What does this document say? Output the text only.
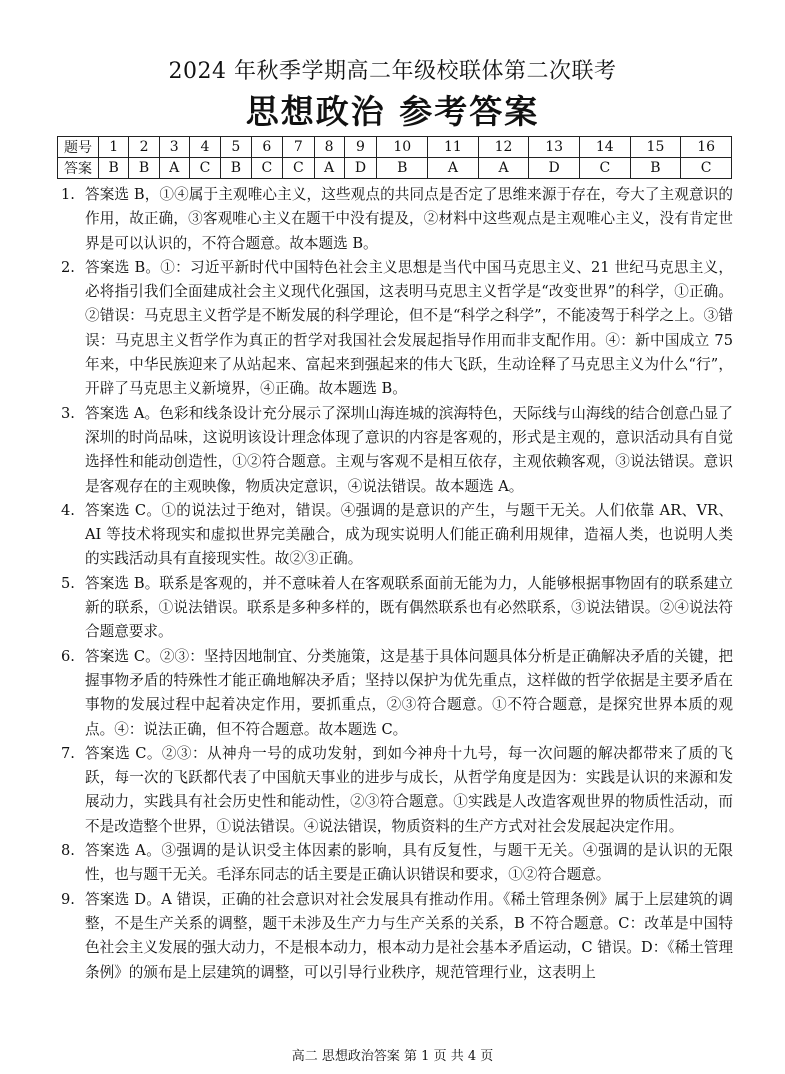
2024 年秋季学期高二年级校联体第二次联考
思想政治 参考答案
题号	1	2	3	4	5	6	7	8	9	10	11	12	13	14	15	16
答案	B	B	A	C	B	C	C	A	D	B	A	A	D	C	B	C
1. 答案选 B，①④属于主观唯心主义，这些观点的共同点是否定了思维来源于存在，夸大了主观意识的作用，故正确，③客观唯心主义在题干中没有提及，②材料中这些观点是主观唯心主义，没有肯定世界是可以认识的，不符合题意。故本题选 B。
2. 答案选 B。①：习近平新时代中国特色社会主义思想是当代中国马克思主义、21 世纪马克思主义，必将指引我们全面建成社会主义现代化强国，这表明马克思主义哲学是“改变世界”的科学，①正确。②错误：马克思主义哲学是不断发展的科学理论，但不是“科学之科学”，不能凌驾于科学之上。③错误：马克思主义哲学作为真正的哲学对我国社会发展起指导作用而非支配作用。④：新中国成立 75 年来，中华民族迎来了从站起来、富起来到强起来的伟大飞跃，生动诠释了马克思主义为什么“行”，开辟了马克思主义新境界，④正确。故本题选 B。
3. 答案选 A。色彩和线条设计充分展示了深圳山海连城的滨海特色，天际线与山海线的结合创意凸显了深圳的时尚品味，这说明该设计理念体现了意识的内容是客观的，形式是主观的，意识活动具有自觉选择性和能动创造性，①②符合题意。主观与客观不是相互依存，主观依赖客观，③说法错误。意识是客观存在的主观映像，物质决定意识，④说法错误。故本题选 A。
4. 答案选 C。①的说法过于绝对，错误。④强调的是意识的产生，与题干无关。人们依靠 AR、VR、AI 等技术将现实和虚拟世界完美融合，成为现实说明人们能正确利用规律，造福人类，也说明人类的实践活动具有直接现实性。故②③正确。
5. 答案选 B。联系是客观的，并不意味着人在客观联系面前无能为力，人能够根据事物固有的联系建立新的联系，①说法错误。联系是多种多样的，既有偶然联系也有必然联系，③说法错误。②④说法符合题意要求。
6. 答案选 C。②③：坚持因地制宜、分类施策，这是基于具体问题具体分析是正确解决矛盾的关键，把握事物矛盾的特殊性才能正确地解决矛盾；坚持以保护为优先重点，这样做的哲学依据是主要矛盾在事物的发展过程中起着决定作用，要抓重点，②③符合题意。①不符合题意，是探究世界本质的观点。④：说法正确，但不符合题意。故本题选 C。
7. 答案选 C。②③：从神舟一号的成功发射，到如今神舟十九号，每一次问题的解决都带来了质的飞跃，每一次的飞跃都代表了中国航天事业的进步与成长，从哲学角度是因为：实践是认识的来源和发展动力，实践具有社会历史性和能动性，②③符合题意。①实践是人改造客观世界的物质性活动，而不是改造整个世界，①说法错误。④说法错误，物质资料的生产方式对社会发展起决定作用。
8. 答案选 A。③强调的是认识受主体因素的影响，具有反复性，与题干无关。④强调的是认识的无限性，也与题干无关。毛泽东同志的话主要是正确认识错误和要求，①②符合题意。
9. 答案选 D。A 错误，正确的社会意识对社会发展具有推动作用。《稀土管理条例》属于上层建筑的调整，不是生产关系的调整，题干未涉及生产力与生产关系的关系，B 不符合题意。C：改革是中国特色社会主义发展的强大动力，不是根本动力，根本动力是社会基本矛盾运动，C 错误。D：《稀土管理条例》的颁布是上层建筑的调整，可以引导行业秩序，规范管理行业，这表明上
高二 思想政治答案 第 1 页 共 4 页
